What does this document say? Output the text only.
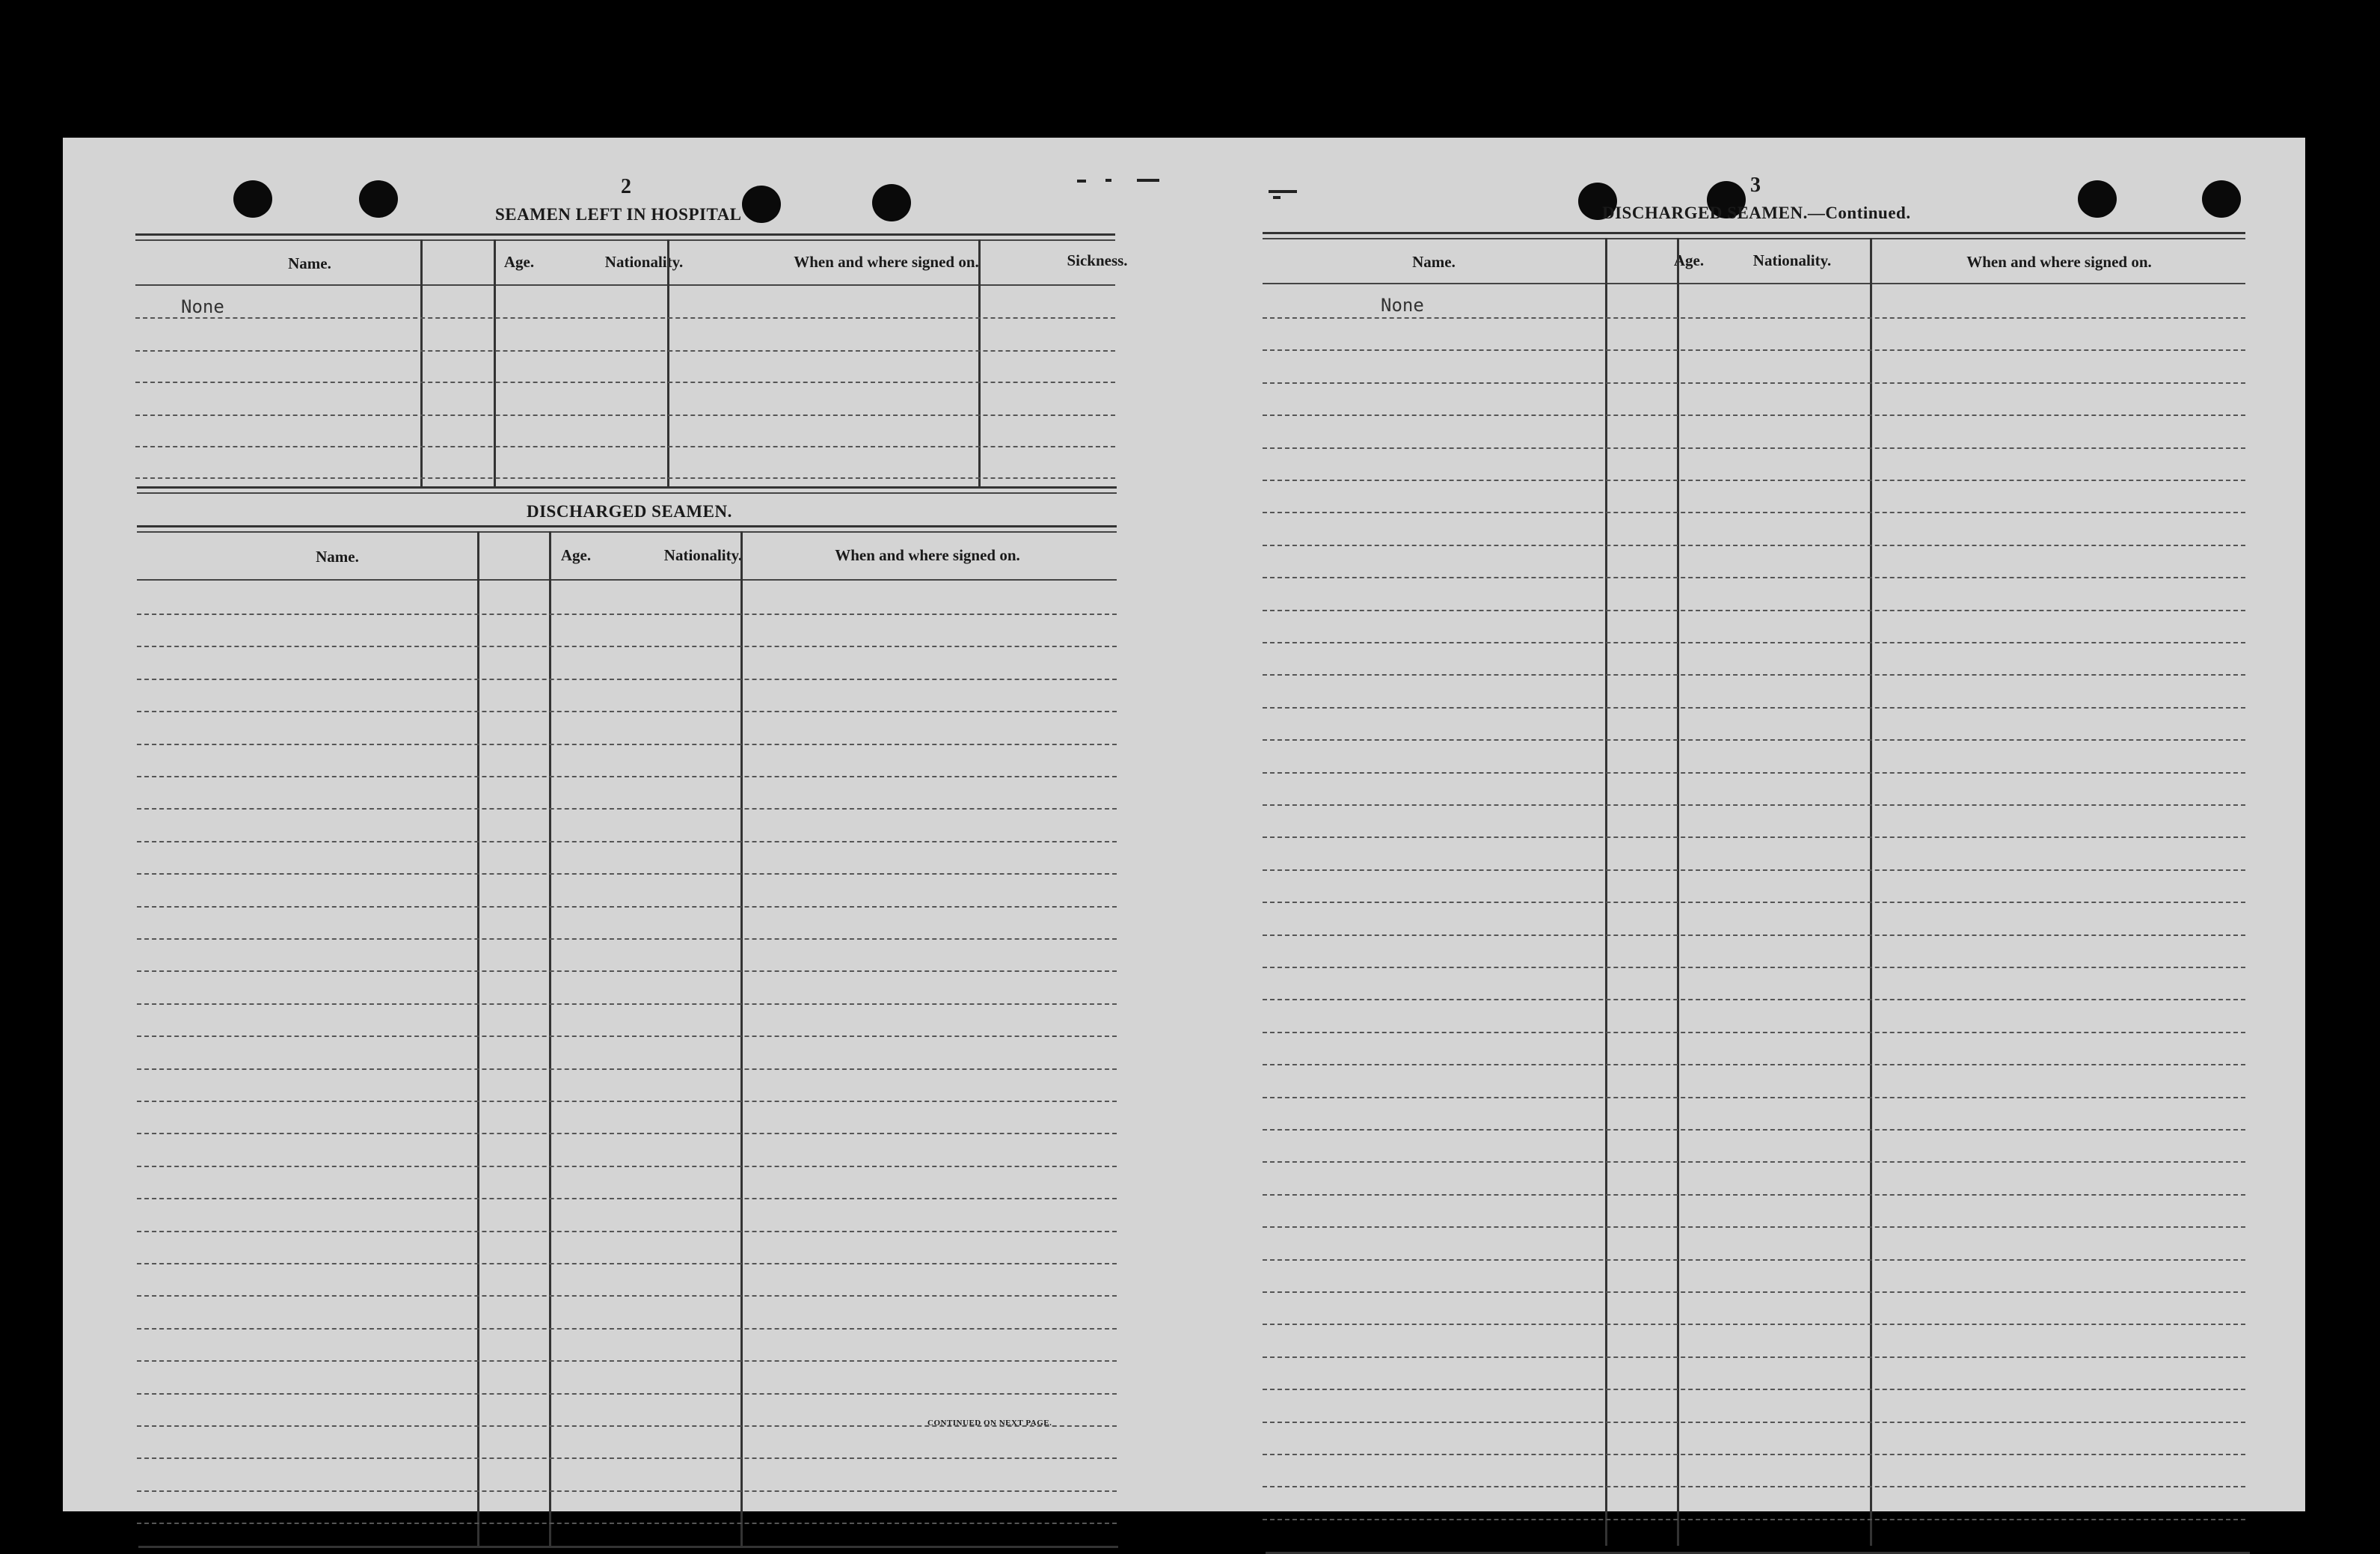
2
SEAMEN LEFT IN HOSPITAL
Name.	Age.	Nationality.	When and where signed on.	Sickness.
None
DISCHARGED SEAMEN.
Name.	Age.	Nationality.	When and where signed on.
CONTINUED ON NEXT PAGE.
3
DISCHARGED SEAMEN.—Continued.
Name.	Age.	Nationality.	When and where signed on.
None
